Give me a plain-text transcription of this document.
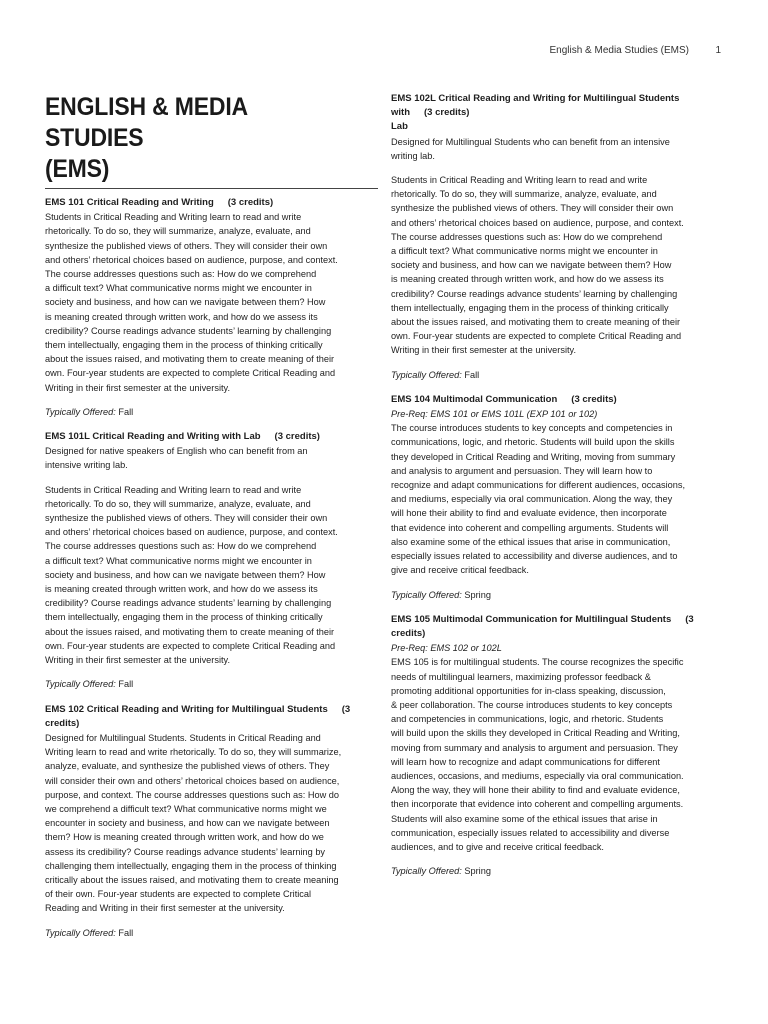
English & Media Studies (EMS)	1
ENGLISH & MEDIA STUDIES
(EMS)
EMS 101 Critical Reading and Writing (3 credits)
Students in Critical Reading and Writing learn to read and write
rhetorically. To do so, they will summarize, analyze, evaluate, and
synthesize the published views of others. They will consider their own
and others’ rhetorical choices based on audience, purpose, and context.
The course addresses questions such as: How do we comprehend
a difficult text? What communicative norms might we encounter in
society and business, and how can we navigate between them? How
is meaning created through written work, and how do we assess its
credibility? Course readings advance students’ learning by challenging
them intellectually, engaging them in the process of thinking critically
about the issues raised, and motivating them to create meaning of their
own. Four-year students are expected to complete Critical Reading and
Writing in their first semester at the university.
Typically Offered: Fall
EMS 101L Critical Reading and Writing with Lab (3 credits)
Designed for native speakers of English who can benefit from an
intensive writing lab.
Students in Critical Reading and Writing learn to read and write
rhetorically. To do so, they will summarize, analyze, evaluate, and
synthesize the published views of others. They will consider their own
and others’ rhetorical choices based on audience, purpose, and context.
The course addresses questions such as: How do we comprehend
a difficult text? What communicative norms might we encounter in
society and business, and how can we navigate between them? How
is meaning created through written work, and how do we assess its
credibility? Course readings advance students’ learning by challenging
them intellectually, engaging them in the process of thinking critically
about the issues raised, and motivating them to create meaning of their
own. Four-year students are expected to complete Critical Reading and
Writing in their first semester at the university.
Typically Offered: Fall
EMS 102 Critical Reading and Writing for Multilingual Students (3
credits)
Designed for Multilingual Students. Students in Critical Reading and
Writing learn to read and write rhetorically. To do so, they will summarize,
analyze, evaluate, and synthesize the published views of others. They
will consider their own and others’ rhetorical choices based on audience,
purpose, and context. The course addresses questions such as: How do
we comprehend a difficult text? What communicative norms might we
encounter in society and business, and how can we navigate between
them? How is meaning created through written work, and how do we
assess its credibility? Course readings advance students’ learning by
challenging them intellectually, engaging them in the process of thinking
critically about the issues raised, and motivating them to create meaning
of their own. Four-year students are expected to complete Critical
Reading and Writing in their first semester at the university.
Typically Offered: Fall
EMS 102L Critical Reading and Writing for Multilingual Students with (3 credits)
Lab
Designed for Multilingual Students who can benefit from an intensive
writing lab.
Students in Critical Reading and Writing learn to read and write
rhetorically. To do so, they will summarize, analyze, evaluate, and
synthesize the published views of others. They will consider their own
and others’ rhetorical choices based on audience, purpose, and context.
The course addresses questions such as: How do we comprehend
a difficult text? What communicative norms might we encounter in
society and business, and how can we navigate between them? How
is meaning created through written work, and how do we assess its
credibility? Course readings advance students’ learning by challenging
them intellectually, engaging them in the process of thinking critically
about the issues raised, and motivating them to create meaning of their
own. Four-year students are expected to complete Critical Reading and
Writing in their first semester at the university.
Typically Offered: Fall
EMS 104 Multimodal Communication (3 credits)
Pre-Req: EMS 101 or EMS 101L (EXP 101 or 102)
The course introduces students to key concepts and competencies in
communications, logic, and rhetoric. Students will build upon the skills
they developed in Critical Reading and Writing, moving from summary
and analysis to argument and persuasion. They will learn how to
recognize and adapt communications for different audiences, occasions,
and mediums, especially via oral communication. Along the way, they
will hone their ability to find and evaluate evidence, then incorporate
that evidence into coherent and compelling arguments. Students will
also examine some of the ethical issues that arise in communication,
especially issues related to accessibility and diverse audiences, and to
give and receive critical feedback.
Typically Offered: Spring
EMS 105 Multimodal Communication for Multilingual Students (3
credits)
Pre-Req: EMS 102 or 102L
EMS 105 is for multilingual students. The course recognizes the specific
needs of multilingual learners, maximizing professor feedback &
promoting additional opportunities for in-class speaking, discussion,
& peer collaboration. The course introduces students to key concepts
and competencies in communications, logic, and rhetoric. Students
will build upon the skills they developed in Critical Reading and Writing,
moving from summary and analysis to argument and persuasion. They
will learn how to recognize and adapt communications for different
audiences, occasions, and mediums, especially via oral communication.
Along the way, they will hone their ability to find and evaluate evidence,
then incorporate that evidence into coherent and compelling arguments.
Students will also examine some of the ethical issues that arise in
communication, especially issues related to accessibility and diverse
audiences, and to give and receive critical feedback.
Typically Offered: Spring
